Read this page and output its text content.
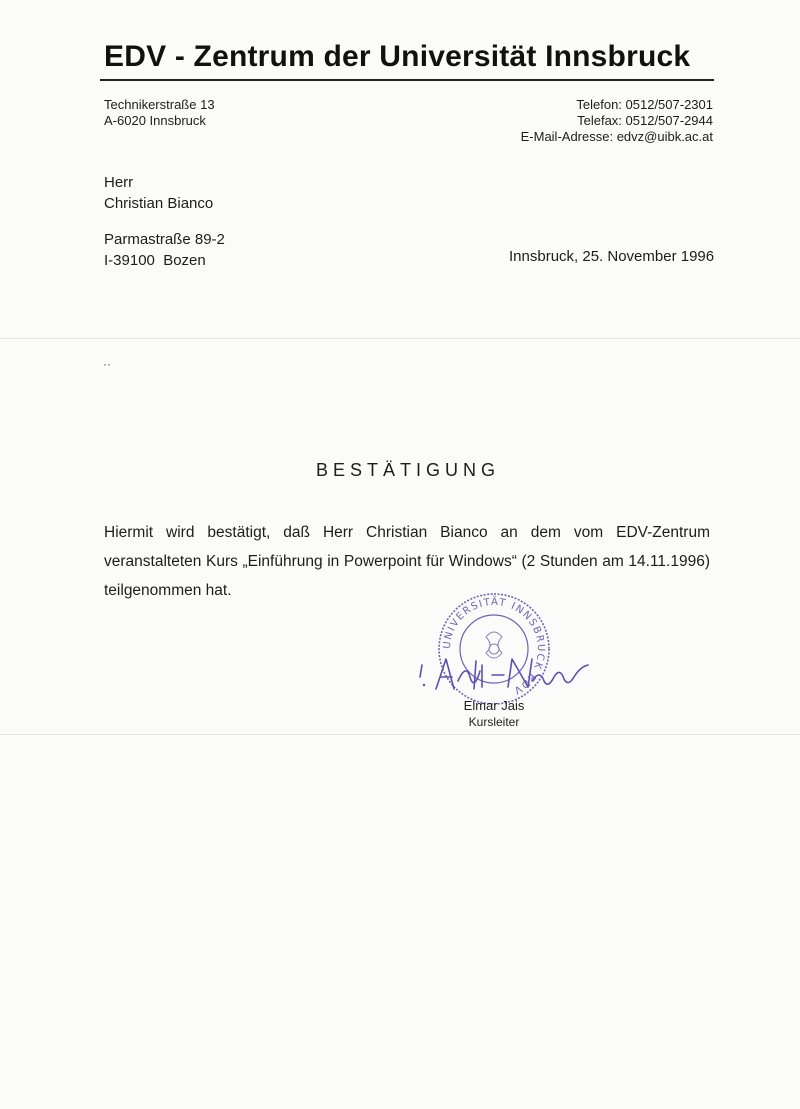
EDV - Zentrum der Universität Innsbruck
Technikerstraße 13
A-6020 Innsbruck
Telefon: 0512/507-2301
Telefax: 0512/507-2944
E-Mail-Adresse: edvz@uibk.ac.at
Herr
Christian Bianco
Parmastraße 89-2
I-39100  Bozen	Innsbruck, 25. November 1996
··
BESTÄTIGUNG
Hiermit wird bestätigt, daß Herr Christian Bianco an dem vom EDV-Zentrum veranstalteten Kurs „Einführung in Powerpoint für Windows“ (2 Stunden am 14.11.1996) teilgenommen hat.
UNIVERSITÄT INNSBRUCK EDV
Elmar Jais
Kursleiter
